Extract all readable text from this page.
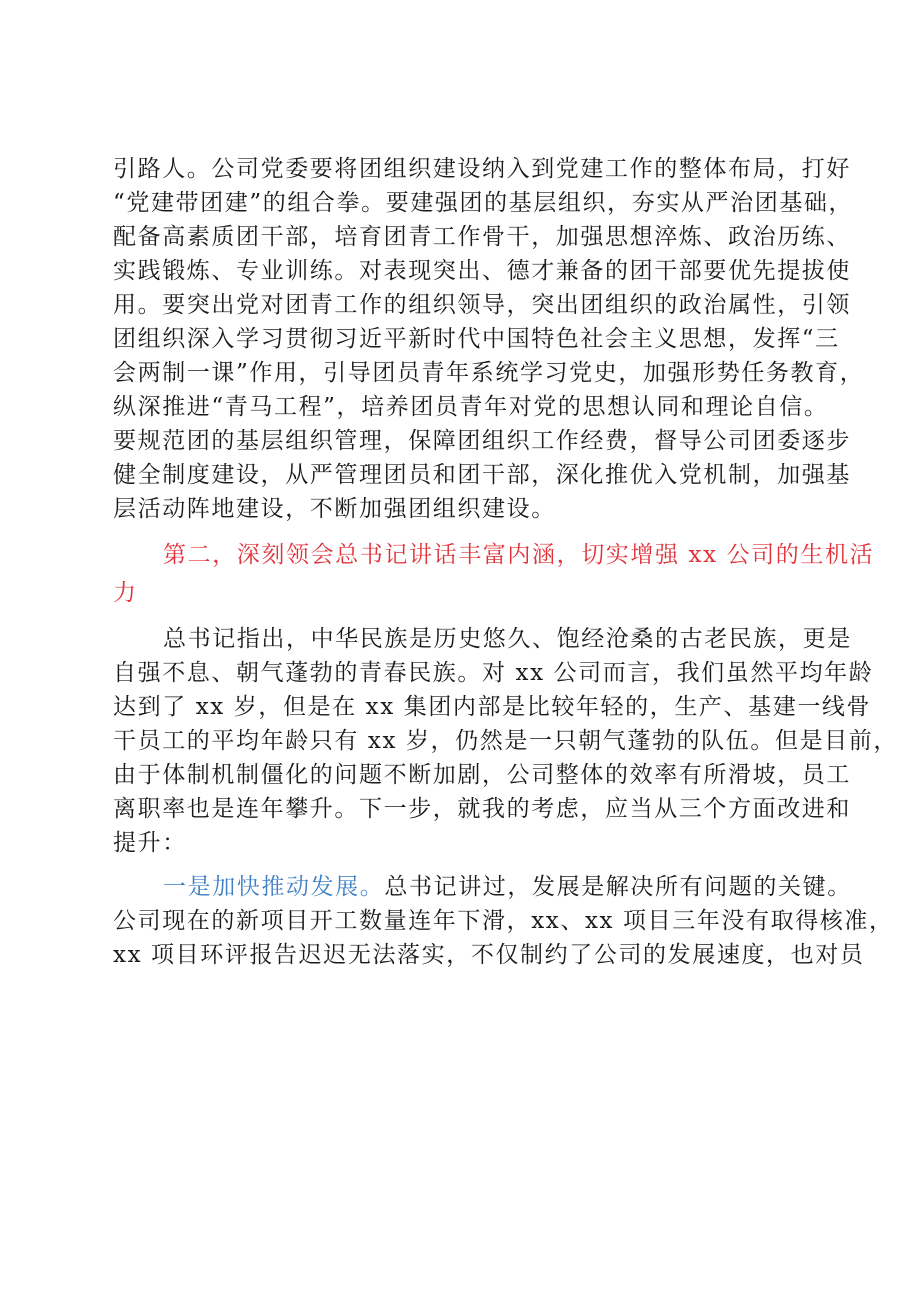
引路人。公司党委要将团组织建设纳入到党建工作的整体布局，打好
“党建带团建”的组合拳。要建强团的基层组织，夯实从严治团基础，
配备高素质团干部，培育团青工作骨干，加强思想淬炼、政治历练、
实践锻炼、专业训练。对表现突出、德才兼备的团干部要优先提拔使
用。要突出党对团青工作的组织领导，突出团组织的政治属性，引领
团组织深入学习贯彻习近平新时代中国特色社会主义思想，发挥“三
会两制一课”作用，引导团员青年系统学习党史，加强形势任务教育，
纵深推进“青马工程”，培养团员青年对党的思想认同和理论自信。
要规范团的基层组织管理，保障团组织工作经费，督导公司团委逐步
健全制度建设，从严管理团员和团干部，深化推优入党机制，加强基
层活动阵地建设，不断加强团组织建设。
第二，深刻领会总书记讲话丰富内涵，切实增强 xx 公司的生机活
力
总书记指出，中华民族是历史悠久、饱经沧桑的古老民族，更是
自强不息、朝气蓬勃的青春民族。对 xx 公司而言，我们虽然平均年龄
达到了 xx 岁，但是在 xx 集团内部是比较年轻的，生产、基建一线骨
干员工的平均年龄只有 xx 岁，仍然是一只朝气蓬勃的队伍。但是目前，
由于体制机制僵化的问题不断加剧，公司整体的效率有所滑坡，员工
离职率也是连年攀升。下一步，就我的考虑，应当从三个方面改进和
提升：
一是加快推动发展。总书记讲过，发展是解决所有问题的关键。
公司现在的新项目开工数量连年下滑，xx、xx 项目三年没有取得核准，
xx 项目环评报告迟迟无法落实，不仅制约了公司的发展速度，也对员
